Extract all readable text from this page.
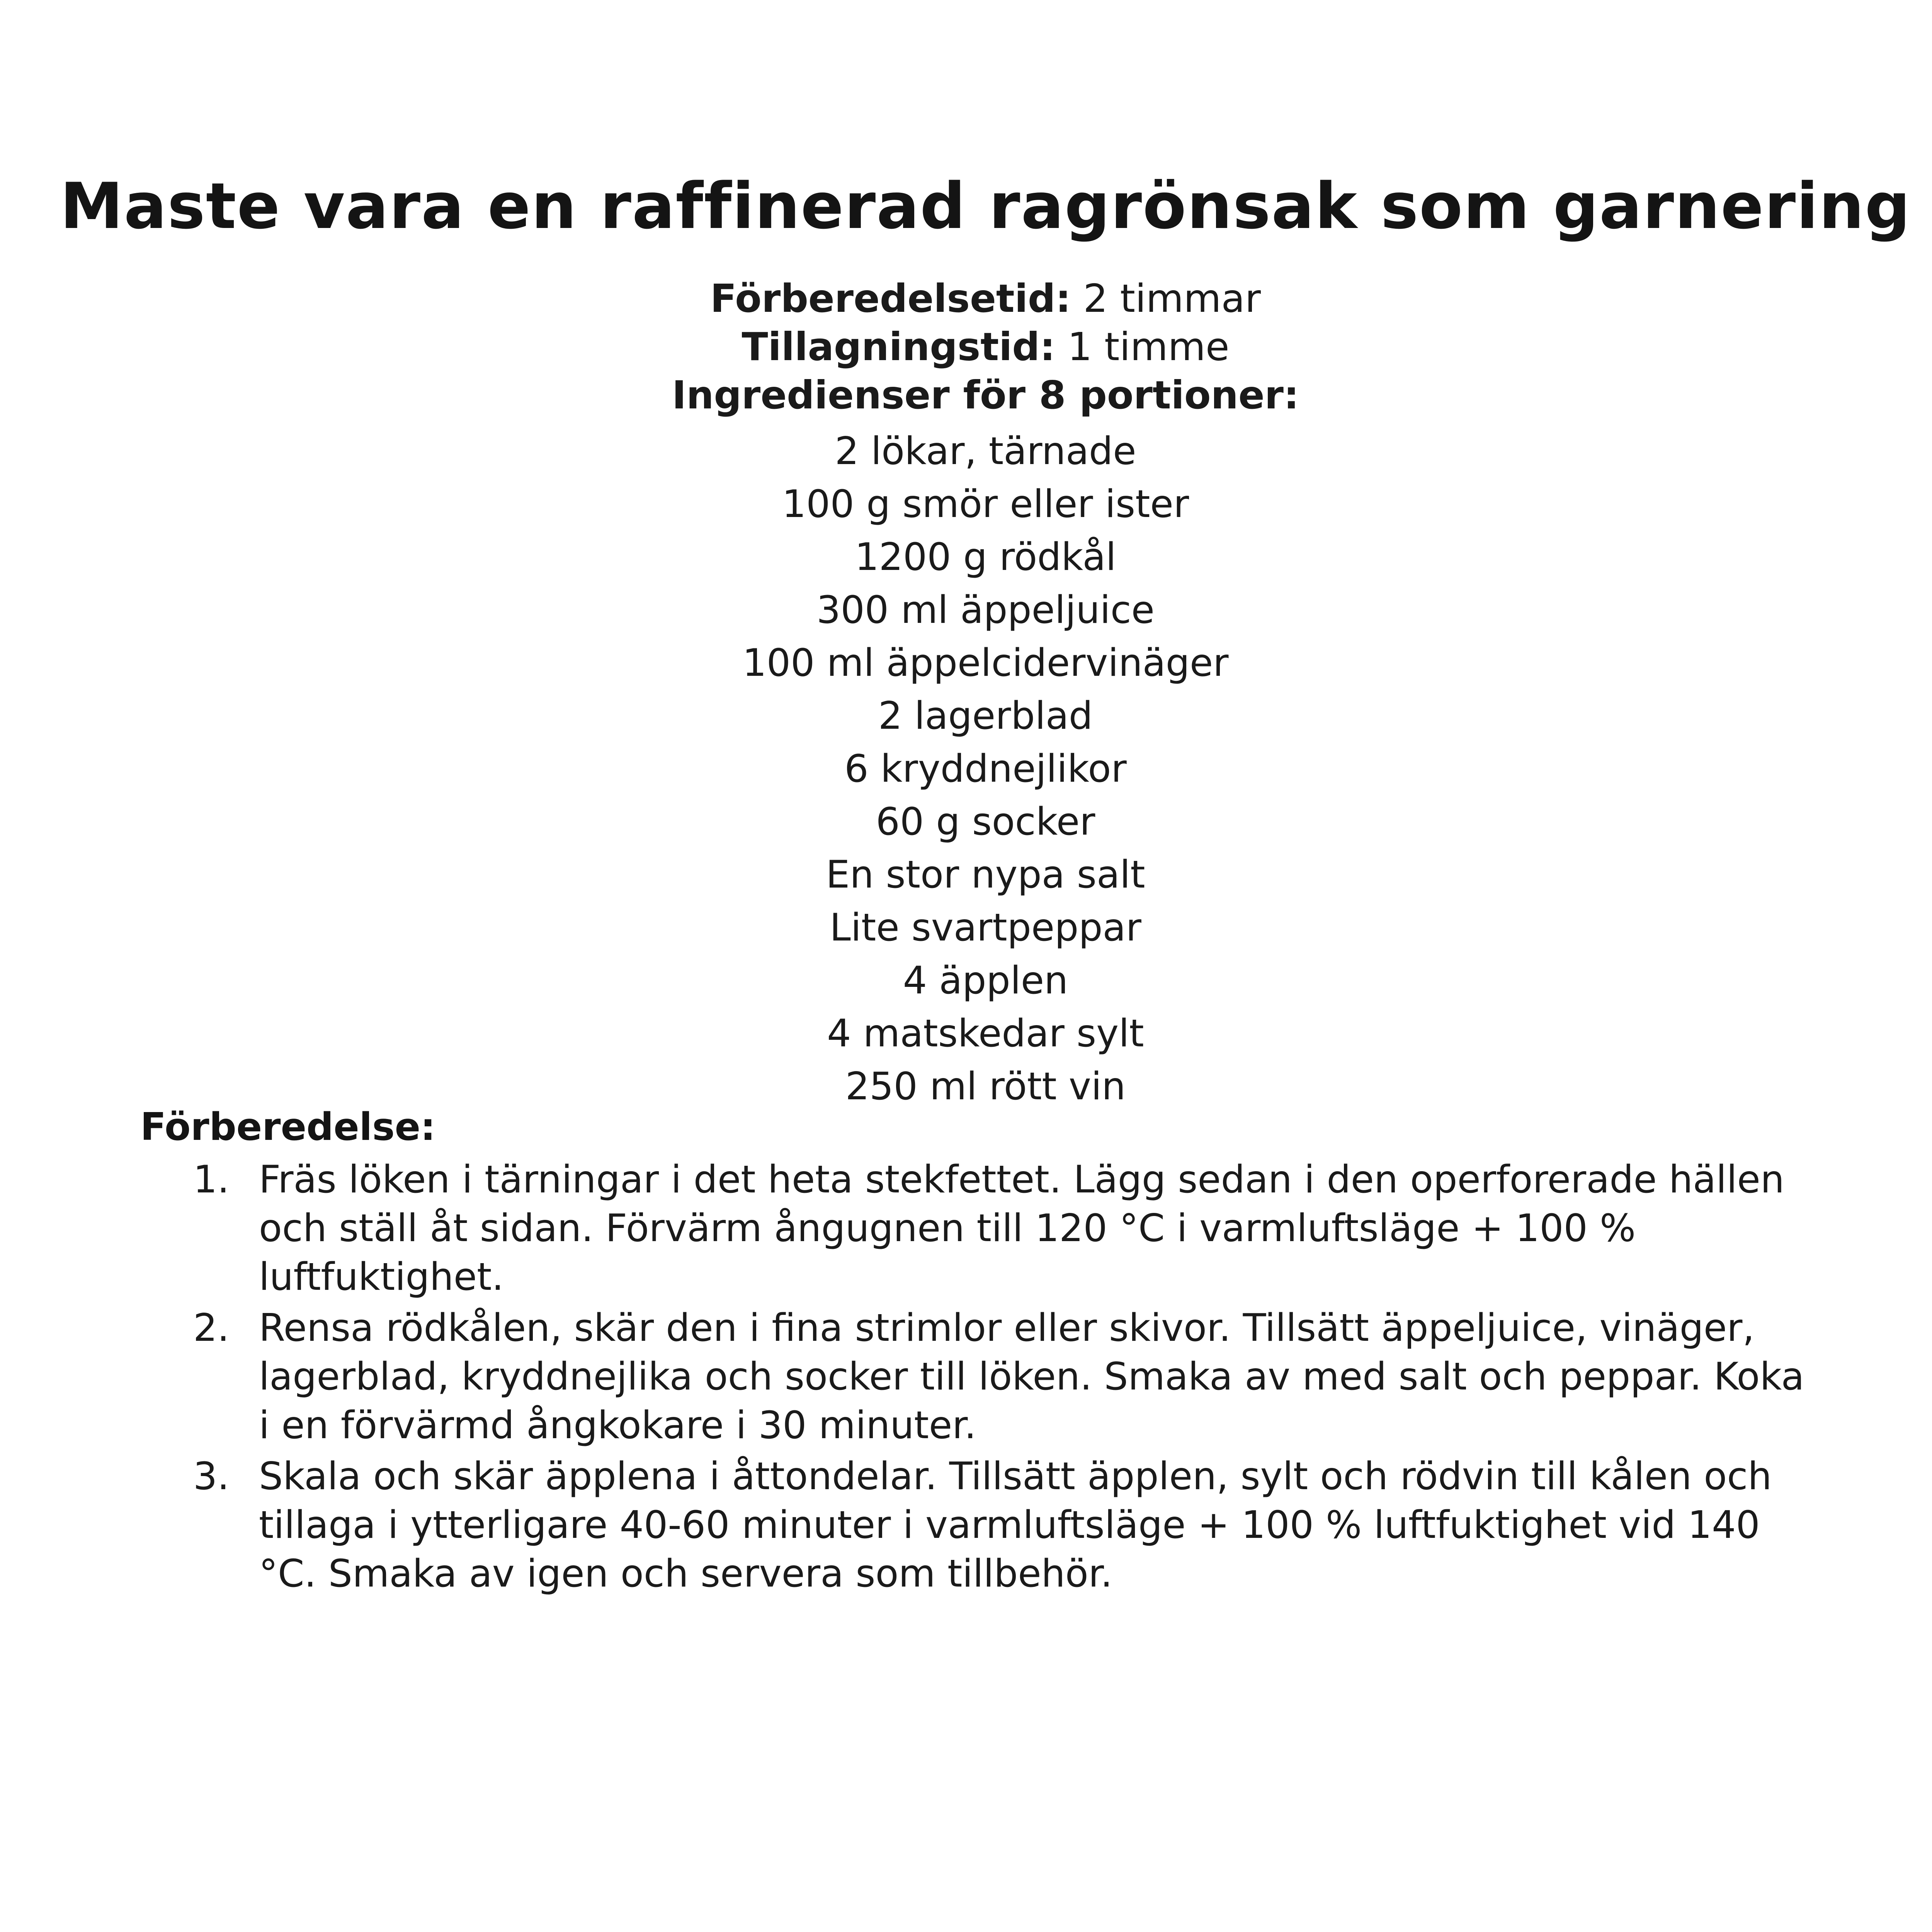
Maste vara en raffinerad ragrönsak som garnering
Förberedelsetid: 2 timmar
Tillagningstid: 1 timme
Ingredienser för 8 portioner:
2 lökar, tärnade
100 g smör eller ister
1200 g rödkål
300 ml äppeljuice
100 ml äppelcidervinäger
2 lagerblad
6 kryddnejlikor
60 g socker
En stor nypa salt
Lite svartpeppar
4 äpplen
4 matskedar sylt
250 ml rött vin
Förberedelse:
1. Fräs löken i tärningar i det heta stekfettet. Lägg sedan i den operforerade hällen och ställ åt sidan. Förvärm ångugnen till 120 °C i varmluftsläge + 100 % luftfuktighet.
2. Rensa rödkålen, skär den i fina strimlor eller skivor. Tillsätt äppeljuice, vinäger, lagerblad, kryddnejlika och socker till löken. Smaka av med salt och peppar. Koka i en förvärmd ångkokare i 30 minuter.
3. Skala och skär äpplena i åttondelar. Tillsätt äpplen, sylt och rödvin till kålen och tillaga i ytterligare 40-60 minuter i varmluftsläge + 100 % luftfuktighet vid 140 °C. Smaka av igen och servera som tillbehör.
